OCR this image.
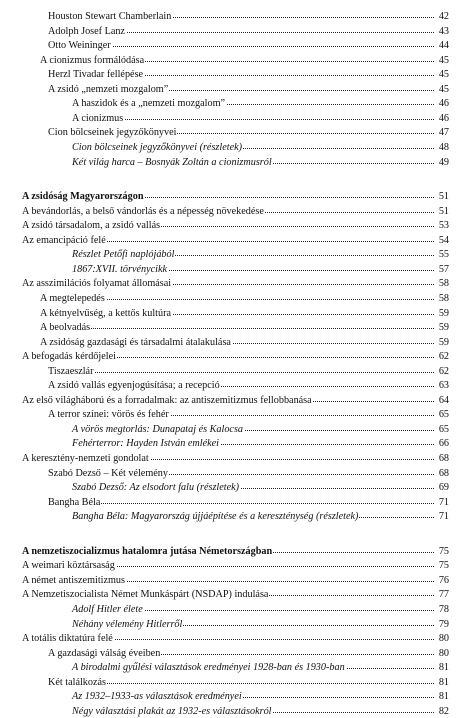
Houston Stewart Chamberlain	42
Adolph Josef Lanz	43
Otto Weininger	44
A cionizmus formálódása	45
Herzl Tivadar fellépése	45
A zsidó „nemzeti mozgalom”	45
A haszidok és a „nemzeti mozgalom”	46
A cionizmus	46
Cion bölcseinek jegyzőkönyvei	47
Cion bölcseinek jegyzőkönyvei (részletek)	48
Két világ harca – Bosnyák Zoltán a cionizmusról	49
A zsidóság Magyarországon	51
A bevándorlás, a belső vándorlás és a népesség növekedése	51
A zsidó társadalom, a zsidó vallás	53
Az emancipáció felé	54
Részlet Petőfi naplójából	55
1867:XVII. törvénycikk	57
Az asszimilációs folyamat állomásai	58
A megtelepedés	58
A kétnyelvűség, a kettős kultúra	59
A beolvadás	59
A zsidóság gazdasági és társadalmi átalakulása	59
A befogadás kérdőjelei	62
Tiszaeszlár	62
A zsidó vallás egyenjogúsítása; a recepció	63
Az első világháború és a forradalmak: az antiszemitizmus fellobbanása	64
A terror színei: vörös és fehér	65
A vörös megtorlás: Dunapataj és Kalocsa	65
Fehérterror: Hayden István emlékei	66
A keresztény-nemzeti gondolat	68
Szabó Dezső – Két vélemény	68
Szabó Dezső: Az elsodort falu (részletek)	69
Bangha Béla	71
Bangha Béla: Magyarország újjáépítése és a kereszténység (részletek)	71
A nemzetiszocializmus hatalomra jutása Németországban	75
A weimari köztársaság	75
A német antiszemitizmus	76
A Nemzetiszocialista Német Munkáspárt (NSDAP) indulása	77
Adolf Hitler élete	78
Néhány vélemény Hitlerről	79
A totális diktatúra felé	80
A gazdasági válság éveiben	80
A birodalmi gyűlési választások eredményei 1928-ban és 1930-ban	81
Két találkozás	81
Az 1932–1933-as választások eredményei	81
Négy választási plakát az 1932-es választásokról	82
